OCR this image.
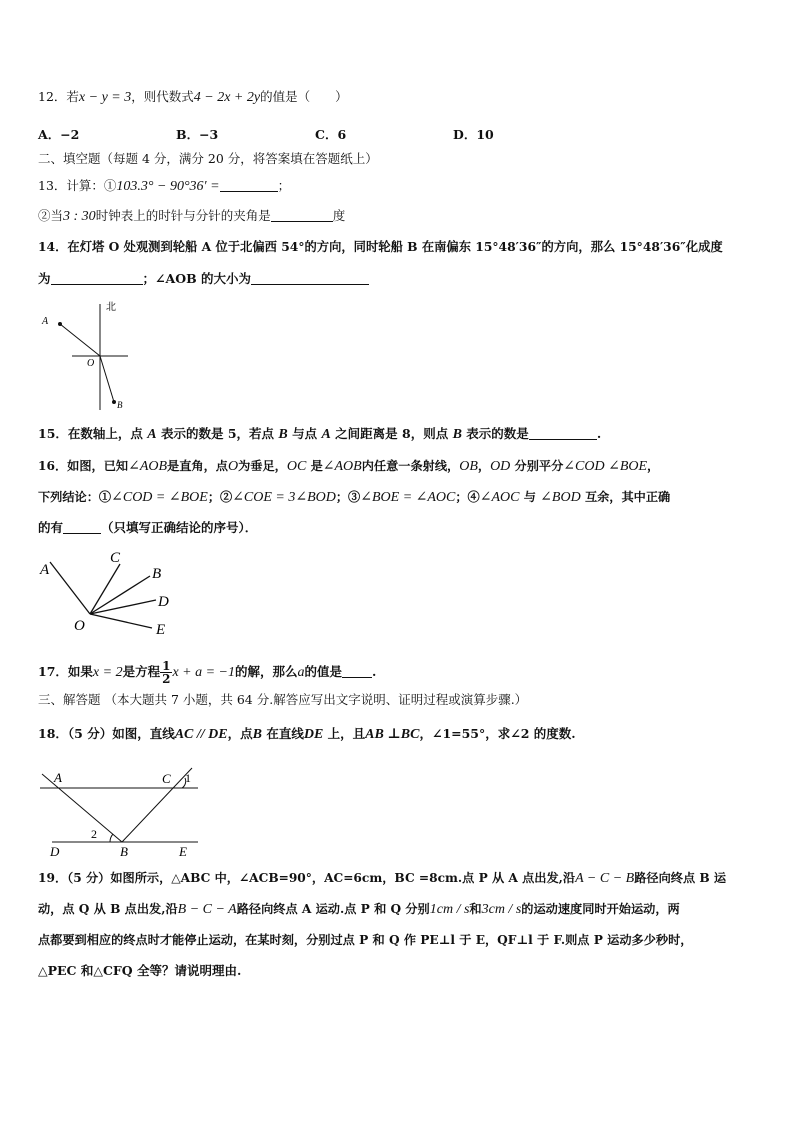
12．若x − y = 3，则代数式4 − 2x + 2y的值是（　　）
A．−2	B．−3	C．6	D．10
二、填空题（每题 4 分，满分 20 分，将答案填在答题纸上）
13．计算：①103.3° − 90°36′ =	；
②当3 : 30时钟表上的时针与分针的夹角是	度
14．在灯塔 O 处观测到轮船 A 位于北偏西 54°的方向，同时轮船 B 在南偏东 15°48′36″的方向，那么 15°48′36″化成度
为	；∠AOB 的大小为
北
A
O
B
15．在数轴上，点 A 表示的数是 5，若点 B 与点 A 之间距离是 8，则点 B 表示的数是	.
16．如图，已知∠AOB是直角，点O为垂足，OC 是∠AOB内任意一条射线，OB，OD 分别平分∠COD ∠BOE，
下列结论：①∠COD = ∠BOE；②∠COE = 3∠BOD；③∠BOE = ∠AOC；④∠AOC 与 ∠BOD 互余，其中正确
的有	（只填写正确结论的序号）．
A
C
B
D
E
O
17．如果x = 2是方程 $\frac{1}{2}$ x + a = −1的解，那么a的值是 .
三、解答题 （本大题共 7 小题，共 64 分.解答应写出文字说明、证明过程或演算步骤.）
18．（5 分）如图，直线AC // DE，点B 在直线DE 上，且AB ⊥BC，∠1=55°，求∠2 的度数.
A	C 1
2
D	B	E
19．（5 分）如图所示，△ABC 中，∠ACB=90°，AC=6cm，BC =8cm.点 P 从 A 点出发,沿A − C − B路径向终点 B 运
动，点 Q 从 B 点出发,沿B − C − A路径向终点 A 运动.点 P 和 Q 分别1cm / s和3cm / s的运动速度同时开始运动，两
点都要到相应的终点时才能停止运动，在某时刻，分别过点 P 和 Q 作 PE⊥l 于 E，QF⊥l 于 F.则点 P 运动多少秒时，
△PEC 和△CFQ 全等？请说明理由.
